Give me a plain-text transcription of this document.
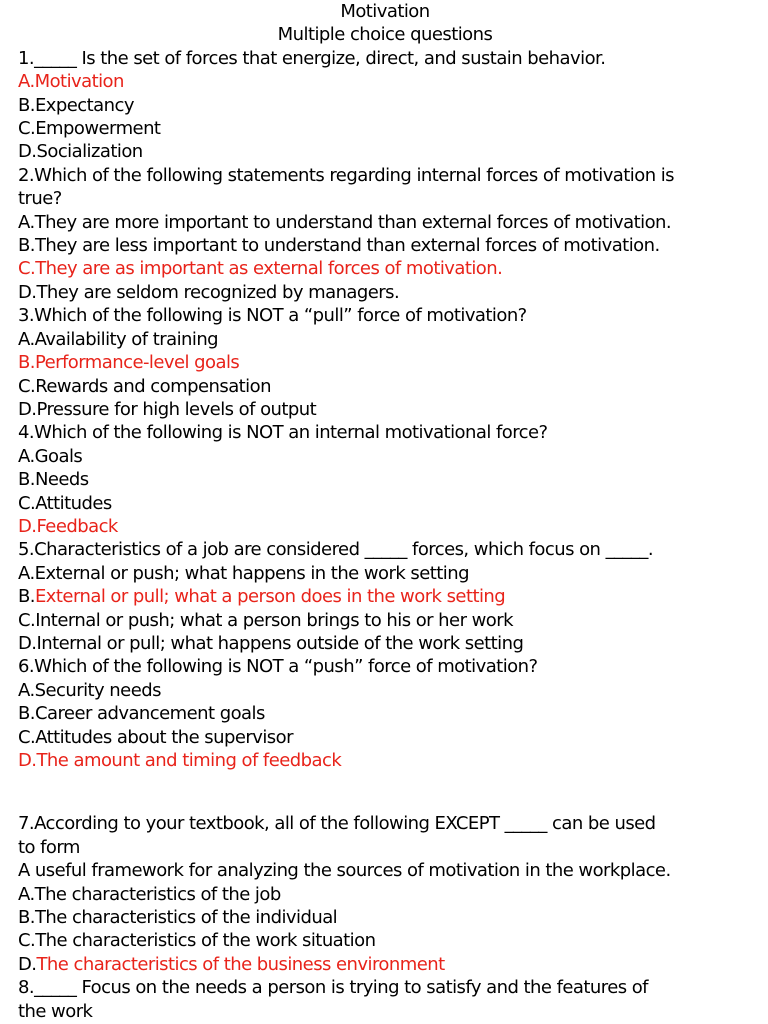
Motivation
Multiple choice questions
1._____ Is the set of forces that energize, direct, and sustain behavior.
A.Motivation
B.Expectancy
C.Empowerment
D.Socialization
2.Which of the following statements regarding internal forces of motivation is
true?
A.They are more important to understand than external forces of motivation.
B.They are less important to understand than external forces of motivation.
C.They are as important as external forces of motivation.
D.They are seldom recognized by managers.
3.Which of the following is NOT a “pull” force of motivation?
A.Availability of training
B.Performance-level goals
C.Rewards and compensation
D.Pressure for high levels of output
4.Which of the following is NOT an internal motivational force?
A.Goals
B.Needs
C.Attitudes
D.Feedback
5.Characteristics of a job are considered _____ forces, which focus on _____.
A.External or push; what happens in the work setting
B.External or pull; what a person does in the work setting
C.Internal or push; what a person brings to his or her work
D.Internal or pull; what happens outside of the work setting
6.Which of the following is NOT a “push” force of motivation?
A.Security needs
B.Career advancement goals
C.Attitudes about the supervisor
D.The amount and timing of feedback
7.According to your textbook, all of the following EXCEPT _____ can be used
to form
A useful framework for analyzing the sources of motivation in the workplace.
A.The characteristics of the job
B.The characteristics of the individual
C.The characteristics of the work situation
D.The characteristics of the business environment
8._____ Focus on the needs a person is trying to satisfy and the features of
the work
